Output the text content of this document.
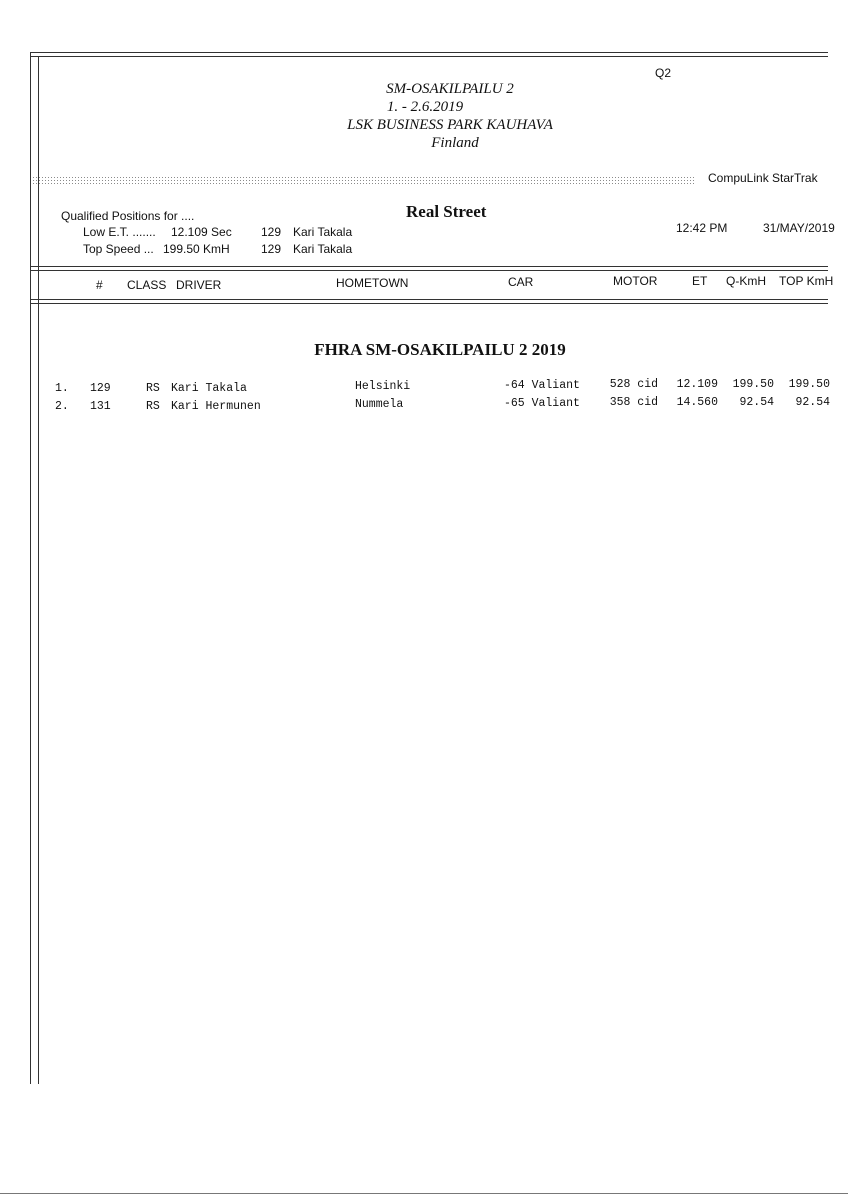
Q2
SM-OSAKILPAILU 2
1. - 2.6.2019
LSK BUSINESS PARK KAUHAVA
Finland
CompuLink StarTrak
Qualified Positions for ....
Low E.T. ....... 12.109 Sec 129 Kari Takala
Top Speed ... 199.50 KmH	129 Kari Takala
Real Street
12:42 PM	31/MAY/2019
# CLASS DRIVER	HOMETOWN	CAR	MOTOR	ET Q-KmH TOP KmH
FHRA SM-OSAKILPAILU 2 2019
1. 129	RS Kari Takala	Helsinki	-64 Valiant	528 cid	12.109	199.50	199.50
2. 131	RS Kari Hermunen	Nummela	-65 Valiant	358 cid	14.560	92.54	92.54
